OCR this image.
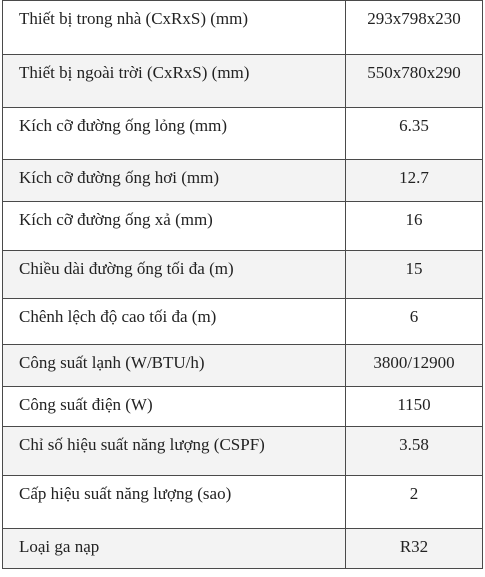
Thiết bị trong nhà (CxRxS) (mm)	293x798x230
Thiết bị ngoài trời (CxRxS) (mm)	550x780x290
Kích cỡ đường ống lỏng (mm)	6.35
Kích cỡ đường ống hơi (mm)	12.7
Kích cỡ đường ống xả (mm)	16
Chiều dài đường ống tối đa (m)	15
Chênh lệch độ cao tối đa (m)	6
Công suất lạnh (W/BTU/h)	3800/12900
Công suất điện (W)	1150
Chỉ số hiệu suất năng lượng (CSPF)	3.58
Cấp hiệu suất năng lượng (sao)	2
Loại ga nạp	R32
